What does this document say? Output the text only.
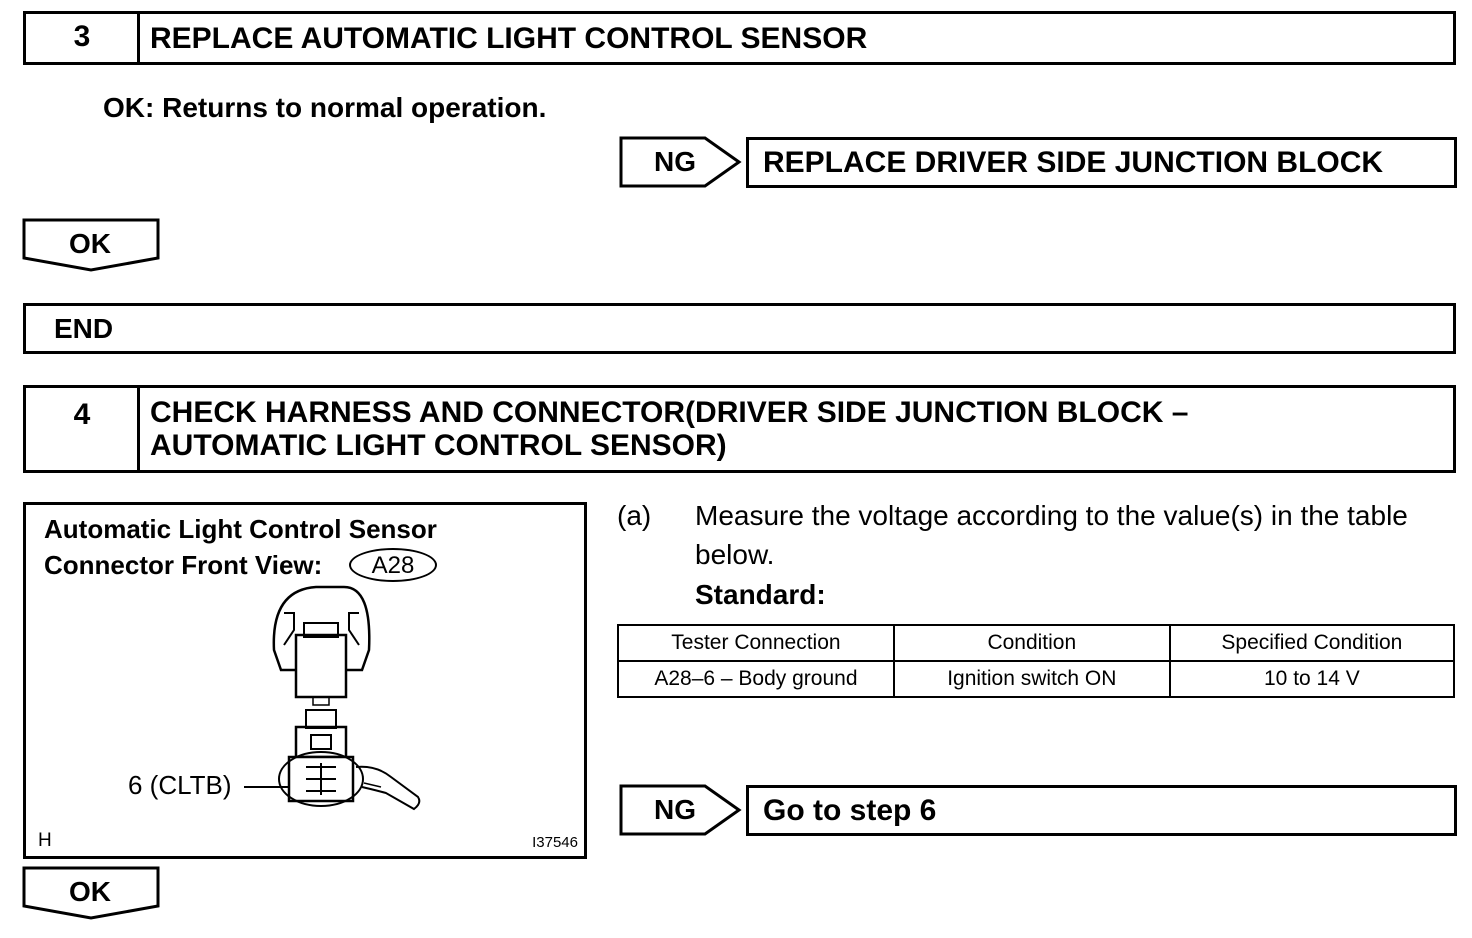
3	REPLACE AUTOMATIC LIGHT CONTROL SENSOR
OK: Returns to normal operation.
NG	REPLACE DRIVER SIDE JUNCTION BLOCK
OK
END
4	CHECK HARNESS AND CONNECTOR(DRIVER SIDE JUNCTION BLOCK –
AUTOMATIC LIGHT CONTROL SENSOR)
Automatic Light Control Sensor
Connector Front View:	A28
6 (CLTB)
H	I37546
(a) Measure the voltage according to the value(s) in the table
below.
Standard:
Tester Connection	Condition	Specified Condition
A28–6 – Body ground	Ignition switch ON	10 to 14 V
NG	Go to step 6
OK
